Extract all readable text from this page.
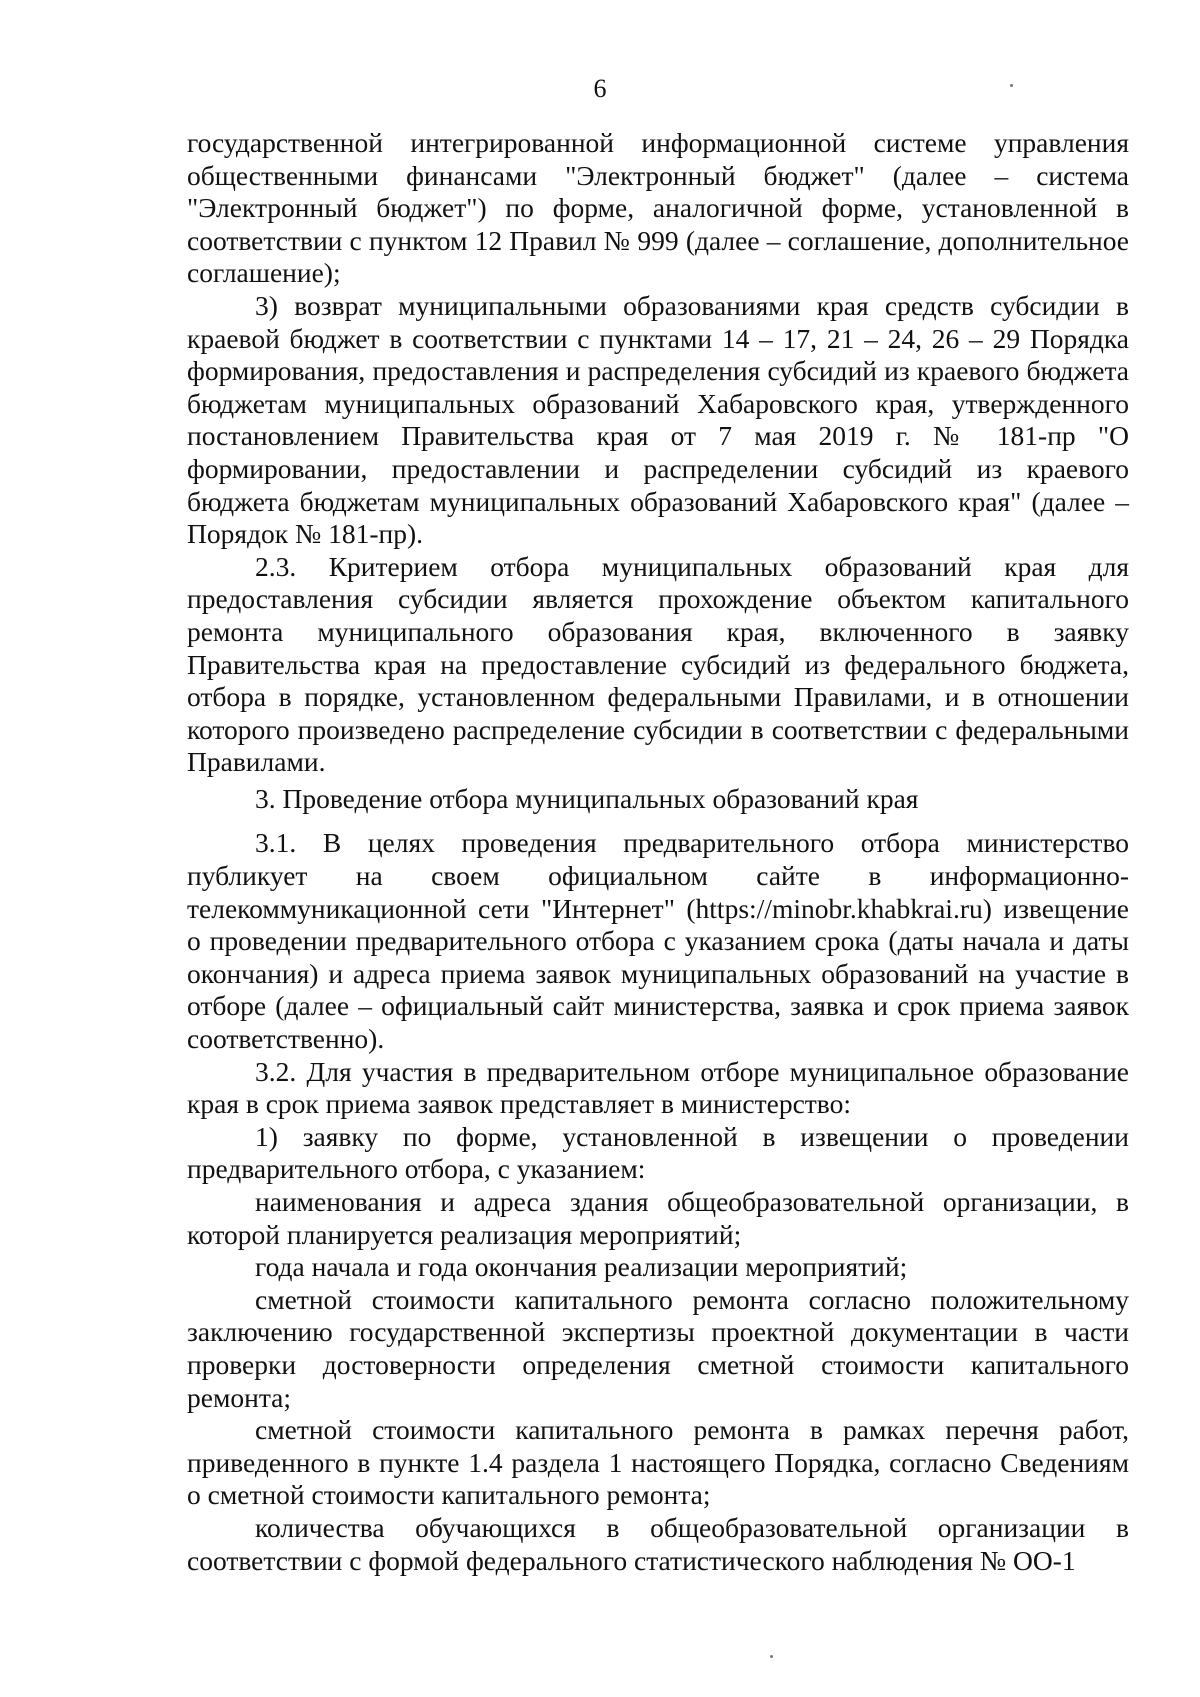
6

государственной интегрированной информационной системе управления общественными финансами "Электронный бюджет" (далее – система "Электронный бюджет") по форме, аналогичной форме, установленной в соответствии с пунктом 12 Правил № 999 (далее – соглашение, дополнительное соглашение);

3) возврат муниципальными образованиями края средств субсидии в краевой бюджет в соответствии с пунктами 14 – 17, 21 – 24, 26 – 29 Порядка формирования, предоставления и распределения субсидий из краевого бюджета бюджетам муниципальных образований Хабаровского края, утвержденного постановлением Правительства края от 7 мая 2019 г. № 181-пр "О формировании, предоставлении и распределении субсидий из краевого бюджета бюджетам муниципальных образований Хабаровского края" (далее – Порядок № 181-пр).

2.3. Критерием отбора муниципальных образований края для предоставления субсидии является прохождение объектом капитального ремонта муниципального образования края, включенного в заявку Правительства края на предоставление субсидий из федерального бюджета, отбора в порядке, установленном федеральными Правилами, и в отношении которого произведено распределение субсидии в соответствии с федеральными Правилами.

3. Проведение отбора муниципальных образований края

3.1. В целях проведения предварительного отбора министерство публикует на своем официальном сайте в информационно-телекоммуникационной сети "Интернет" (https://minobr.khabkrai.ru) извещение о проведении предварительного отбора с указанием срока (даты начала и даты окончания) и адреса приема заявок муниципальных образований на участие в отборе (далее – официальный сайт министерства, заявка и срок приема заявок соответственно).

3.2. Для участия в предварительном отборе муниципальное образование края в срок приема заявок представляет в министерство:

1) заявку по форме, установленной в извещении о проведении предварительного отбора, с указанием:

наименования и адреса здания общеобразовательной организации, в которой планируется реализация мероприятий;

года начала и года окончания реализации мероприятий;

сметной стоимости капитального ремонта согласно положительному заключению государственной экспертизы проектной документации в части проверки достоверности определения сметной стоимости капитального ремонта;

сметной стоимости капитального ремонта в рамках перечня работ, приведенного в пункте 1.4 раздела 1 настоящего Порядка, согласно Сведениям о сметной стоимости капитального ремонта;

количества обучающихся в общеобразовательной организации в соответствии с формой федерального статистического наблюдения № ОО-1
